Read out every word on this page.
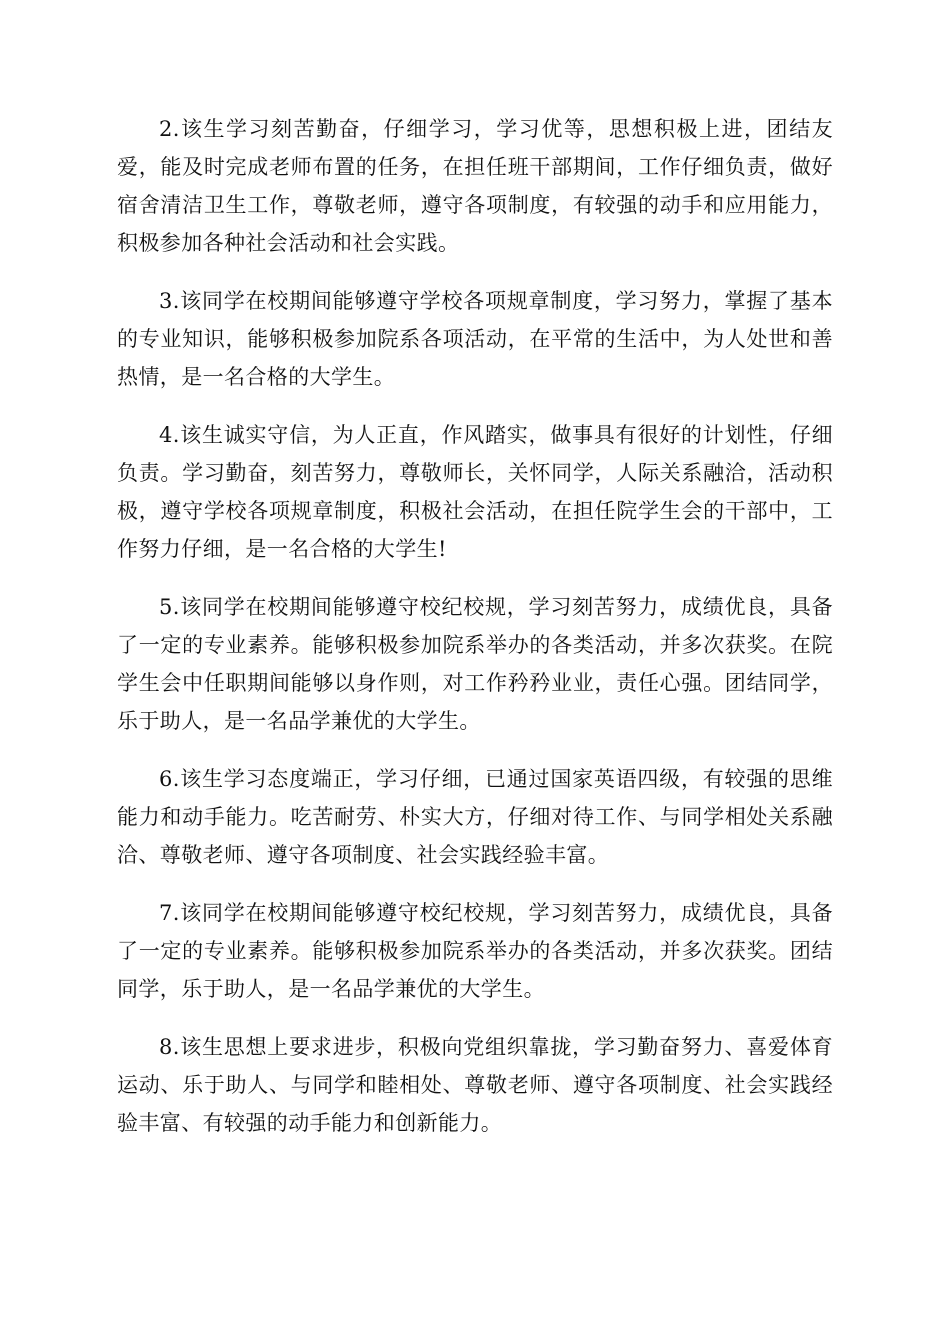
2.该生学习刻苦勤奋，仔细学习，学习优等，思想积极上进，团结友爱，能及时完成老师布置的任务，在担任班干部期间，工作仔细负责，做好宿舍清洁卫生工作，尊敬老师，遵守各项制度，有较强的动手和应用能力，积极参加各种社会活动和社会实践。

3.该同学在校期间能够遵守学校各项规章制度，学习努力，掌握了基本的专业知识，能够积极参加院系各项活动，在平常的生活中，为人处世和善热情，是一名合格的大学生。

4.该生诚实守信，为人正直，作风踏实，做事具有很好的计划性，仔细负责。学习勤奋，刻苦努力，尊敬师长，关怀同学，人际关系融洽，活动积极，遵守学校各项规章制度，积极社会活动，在担任院学生会的干部中，工作努力仔细，是一名合格的大学生!

5.该同学在校期间能够遵守校纪校规，学习刻苦努力，成绩优良，具备了一定的专业素养。能够积极参加院系举办的各类活动，并多次获奖。在院学生会中任职期间能够以身作则，对工作矜矜业业，责任心强。团结同学，乐于助人，是一名品学兼优的大学生。

6.该生学习态度端正，学习仔细，已通过国家英语四级，有较强的思维能力和动手能力。吃苦耐劳、朴实大方，仔细对待工作、与同学相处关系融洽、尊敬老师、遵守各项制度、社会实践经验丰富。

7.该同学在校期间能够遵守校纪校规，学习刻苦努力，成绩优良，具备了一定的专业素养。能够积极参加院系举办的各类活动，并多次获奖。团结同学，乐于助人，是一名品学兼优的大学生。

8.该生思想上要求进步，积极向党组织靠拢，学习勤奋努力、喜爱体育运动、乐于助人、与同学和睦相处、尊敬老师、遵守各项制度、社会实践经验丰富、有较强的动手能力和创新能力。
